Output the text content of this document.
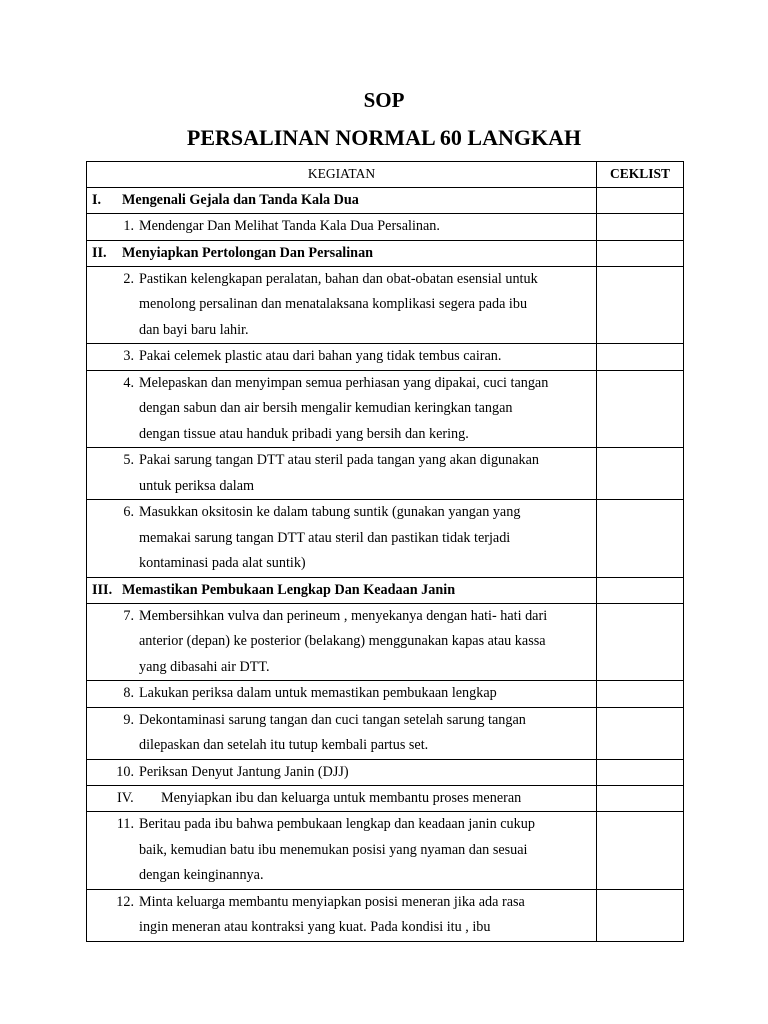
SOP
PERSALINAN NORMAL 60 LANGKAH
KEGIATAN	CEKLIST
I. Mengenali Gejala dan Tanda Kala Dua	

1. Mendengar Dan Melihat Tanda Kala Dua Persalinan.	

II. Menyiapkan Pertolongan Dan Persalinan	

2. Pastikan kelengkapan peralatan, bahan dan obat-obatan esensial untuk
menolong persalinan dan menatalaksana komplikasi segera pada ibu
dan bayi baru lahir.	

3. Pakai celemek plastic atau dari bahan yang tidak tembus cairan.	

4. Melepaskan dan menyimpan semua perhiasan yang dipakai, cuci tangan
dengan sabun dan air bersih mengalir kemudian keringkan tangan
dengan tissue atau handuk pribadi yang bersih dan kering.	

5. Pakai sarung tangan DTT atau steril pada tangan yang akan digunakan
untuk periksa dalam	

6. Masukkan oksitosin ke dalam tabung suntik (gunakan yangan yang
memakai sarung tangan DTT atau steril dan pastikan tidak terjadi
kontaminasi pada alat suntik)	

III. Memastikan Pembukaan Lengkap Dan Keadaan Janin	

7. Membersihkan vulva dan perineum , menyekanya dengan hati- hati dari
anterior (depan) ke posterior (belakang) menggunakan kapas atau kassa
yang dibasahi air DTT.	

8. Lakukan periksa dalam untuk memastikan pembukaan lengkap	

9. Dekontaminasi sarung tangan dan cuci tangan setelah sarung tangan
dilepaskan dan setelah itu tutup kembali partus set.	

10. Periksan Denyut Jantung Janin (DJJ)	

IV. Menyiapkan ibu dan keluarga untuk membantu proses meneran	

11. Beritau pada ibu bahwa pembukaan lengkap dan keadaan janin cukup
baik, kemudian batu ibu menemukan posisi yang nyaman dan sesuai
dengan keinginannya.	

12. Minta keluarga membantu menyiapkan posisi meneran jika ada rasa
ingin meneran atau kontraksi yang kuat. Pada kondisi itu , ibu	
